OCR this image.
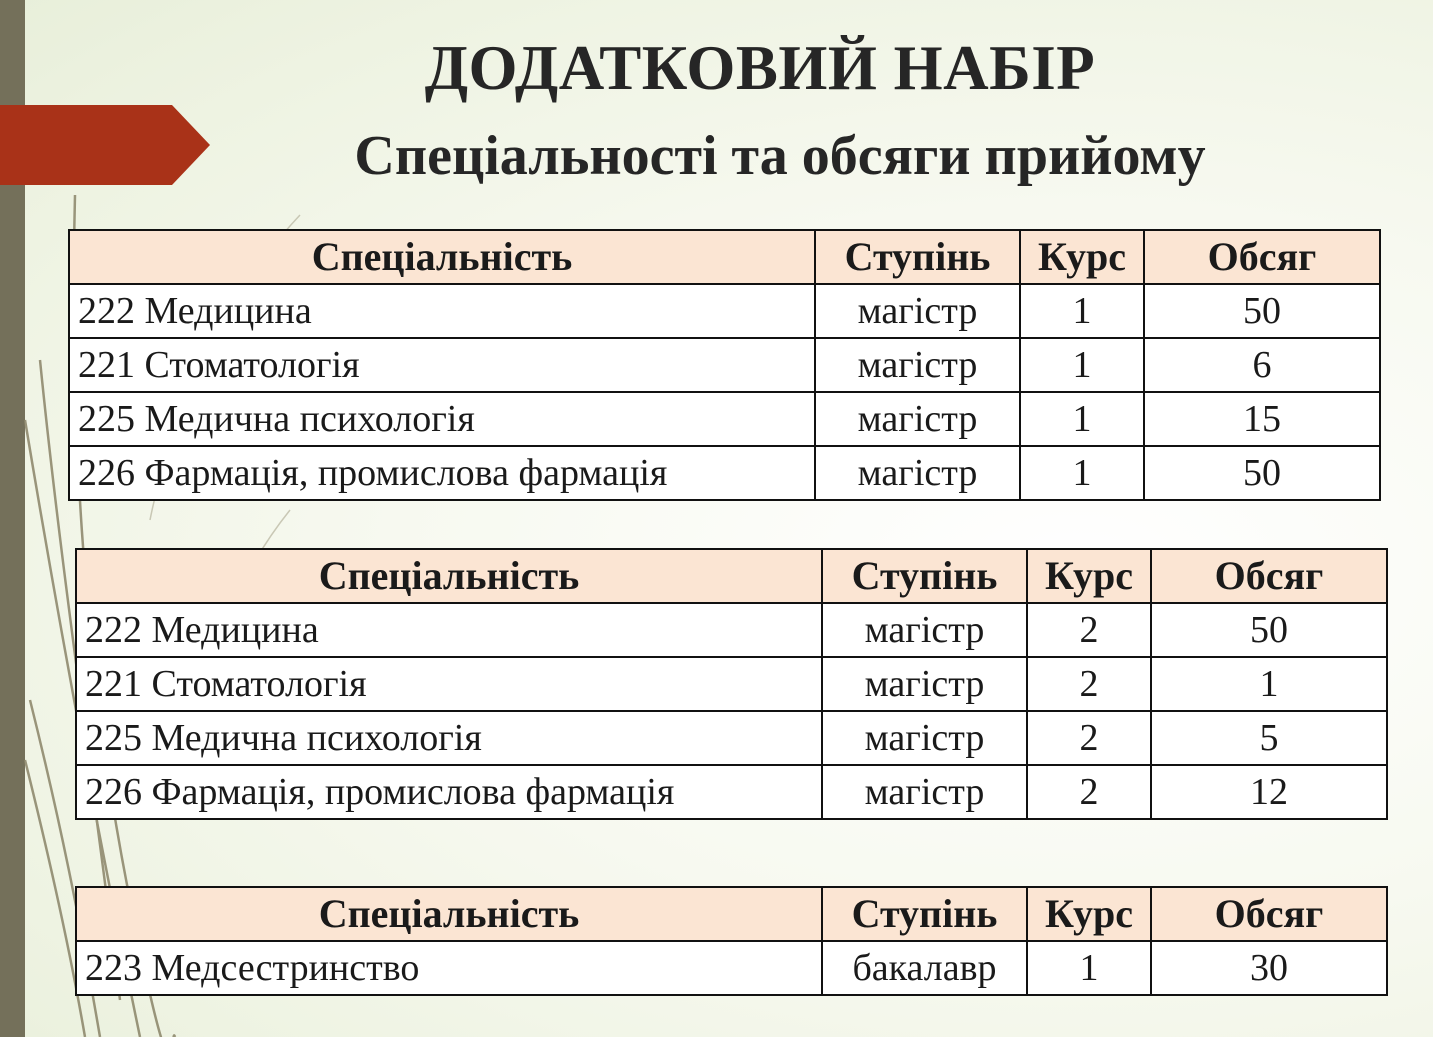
ДОДАТКОВИЙ НАБІР
Спеціальності та обсяги прийому
Спеціальність	Ступінь	Курс	Обсяг
222 Медицина	магістр	1	50
221 Стоматологія	магістр	1	6
225 Медична психологія	магістр	1	15
226 Фармація, промислова фармація	магістр	1	50
Спеціальність	Ступінь	Курс	Обсяг
222 Медицина	магістр	2	50
221 Стоматологія	магістр	2	1
225 Медична психологія	магістр	2	5
226 Фармація, промислова фармація	магістр	2	12
Спеціальність	Ступінь	Курс	Обсяг
223 Медсестринство	бакалавр	1	30
